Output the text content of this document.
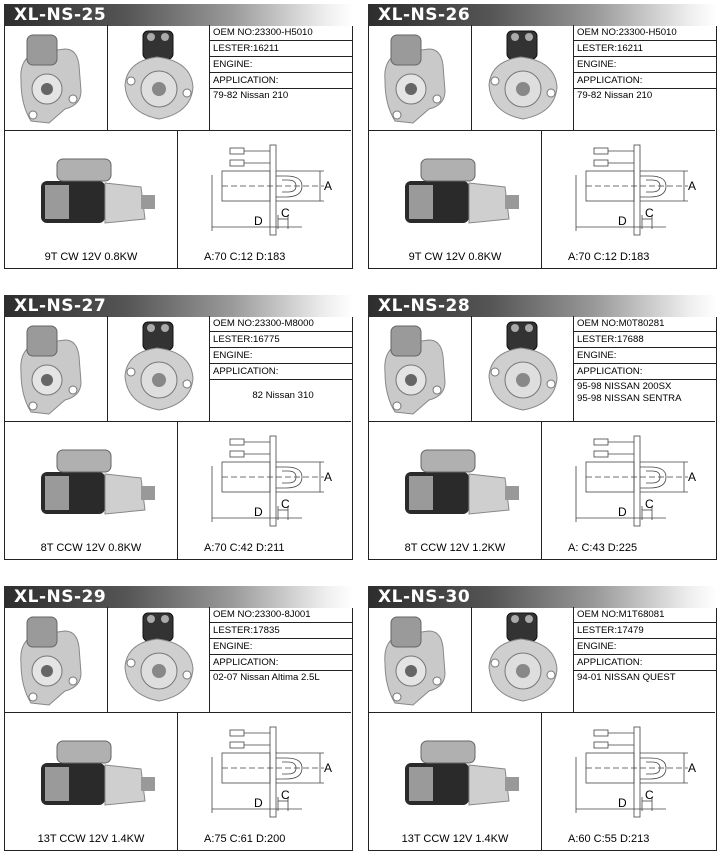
XL-NS-25
OEM NO:23300-H5010
LESTER:16211
ENGINE:
APPLICATION:
79-82 Nissan 210
9T CW 12V 0.8KW
A
C
D
A:70 C:12 D:183
XL-NS-26
OEM NO:23300-H5010
LESTER:16211
ENGINE:
APPLICATION:
79-82 Nissan 210
9T CW 12V 0.8KW
A
C
D
A:70 C:12 D:183
XL-NS-27
OEM NO:23300-M8000
LESTER:16775
ENGINE:
APPLICATION:
82 Nissan 310
8T CCW 12V 0.8KW
A
C
D
A:70 C:42 D:211
XL-NS-28
OEM NO:M0T80281
LESTER:17688
ENGINE:
APPLICATION:
95-98 NISSAN 200SX
95-98 NISSAN SENTRA
8T CCW 12V 1.2KW
A
C
D
A: C:43 D:225
XL-NS-29
OEM NO:23300-8J001
LESTER:17835
ENGINE:
APPLICATION:
02-07 Nissan Altima 2.5L
13T CCW 12V 1.4KW
A
C
D
A:75 C:61 D:200
XL-NS-30
OEM NO:M1T68081
LESTER:17479
ENGINE:
APPLICATION:
94-01 NISSAN QUEST
13T CCW 12V 1.4KW
A
C
D
A:60 C:55 D:213
